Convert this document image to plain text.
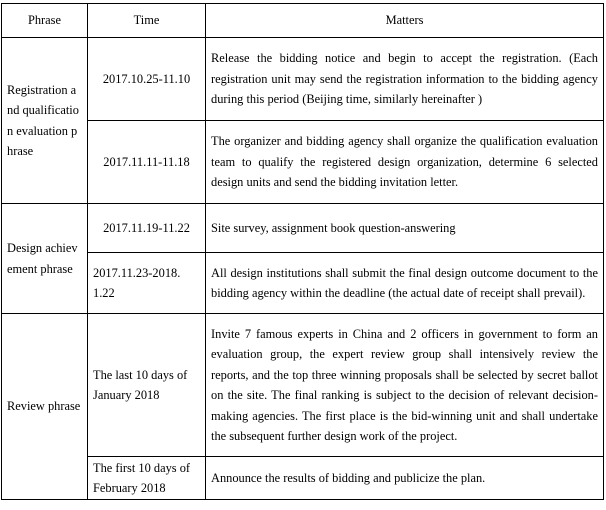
Phrase	Time	Matters
Registration and qualification evaluation phrase	2017.10.25-11.10	Release the bidding notice and begin to accept the registration. (Each registration unit may send the registration information to the bidding agency during this period (Beijing time, similarly hereinafter )
	2017.11.11-11.18	The organizer and bidding agency shall organize the qualification evaluation team to qualify the registered design organization, determine 6 selected design units and send the bidding invitation letter.
Design achievement phrase	2017.11.19-11.22	Site survey, assignment book question-answering
	2017.11.23-2018. 1.22	All design institutions shall submit the final design outcome document to the bidding agency within the deadline (the actual date of receipt shall prevail).
Review phrase	The last 10 days of January 2018	Invite 7 famous experts in China and 2 officers in government to form an evaluation group, the expert review group shall intensively review the reports, and the top three winning proposals shall be selected by secret ballot on the site. The final ranking is subject to the decision of relevant decision-making agencies. The first place is the bid-winning unit and shall undertake the subsequent further design work of the project.
	The first 10 days of February 2018	Announce the results of bidding and publicize the plan.
